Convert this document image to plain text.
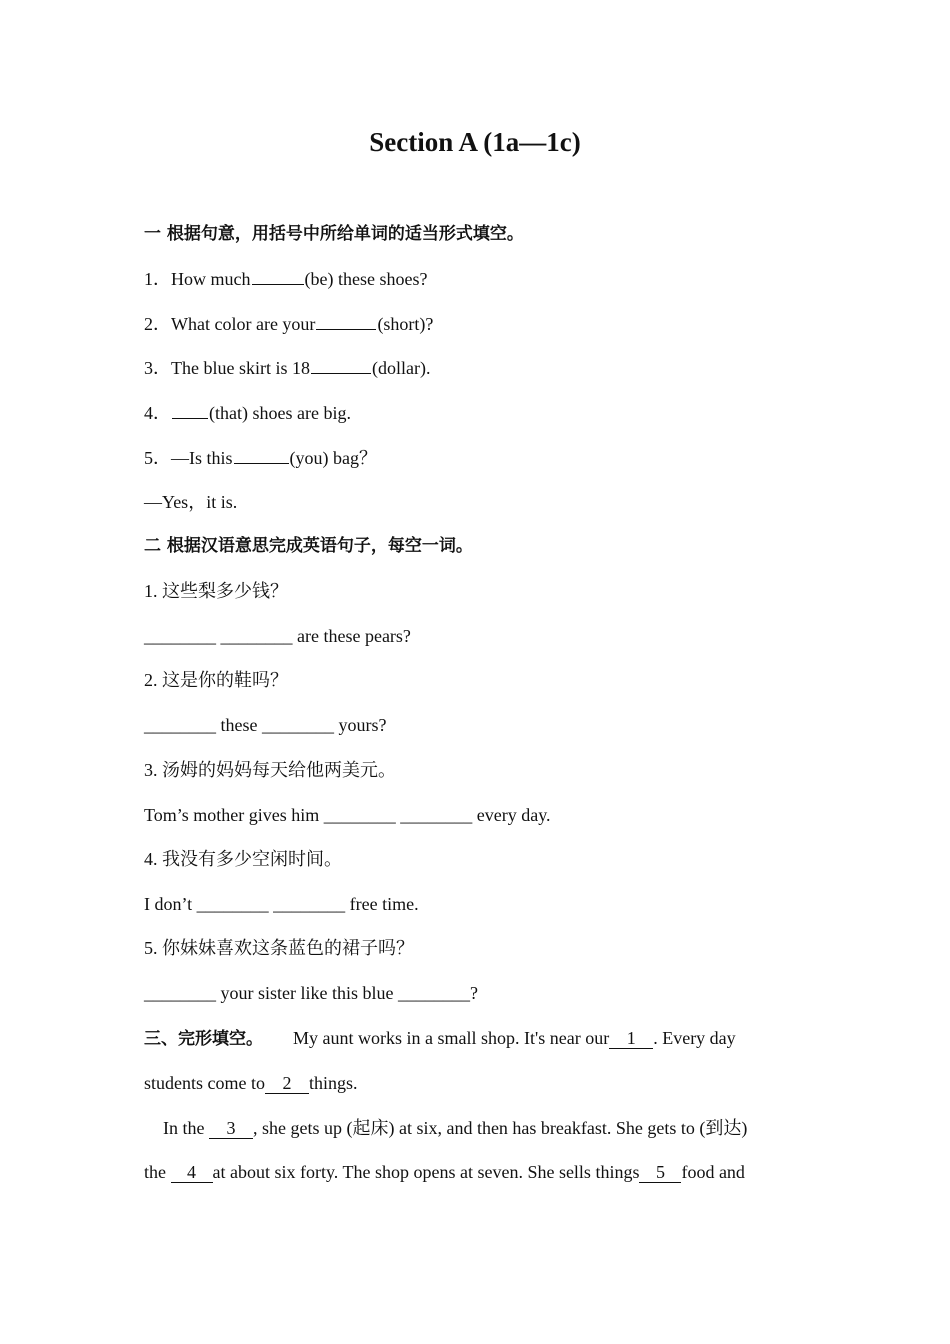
Section A (1a—1c)
一 根据句意，用括号中所给单词的适当形式填空。
1．How much	(be) these shoes?
2．What color are your	(short)?
3．The blue skirt is 18	(dollar).
4． (that) shoes are big.
5．—Is this	(you) bag？
—Yes，it is.
二 根据汉语意思完成英语句子，每空一词。
1. 这些梨多少钱？
________ ________ are these pears?
2. 这是你的鞋吗？
________ these ________ yours?
3. 汤姆的妈妈每天给他两美元。
Tom’s mother gives him ________ ________ every day.
4. 我没有多少空闲时间。
I don’t ________ ________ free time.
5. 你妹妹喜欢这条蓝色的裙子吗？
________ your sister like this blue ________?
三、完形填空。 My aunt works in a small shop. It's near our 1 . Every day
students come to 2 things.
In the 3 , she gets up (起床) at six, and then has breakfast. She gets to (到达)
the 4 at about six forty. The shop opens at seven. She sells things 5 food and
